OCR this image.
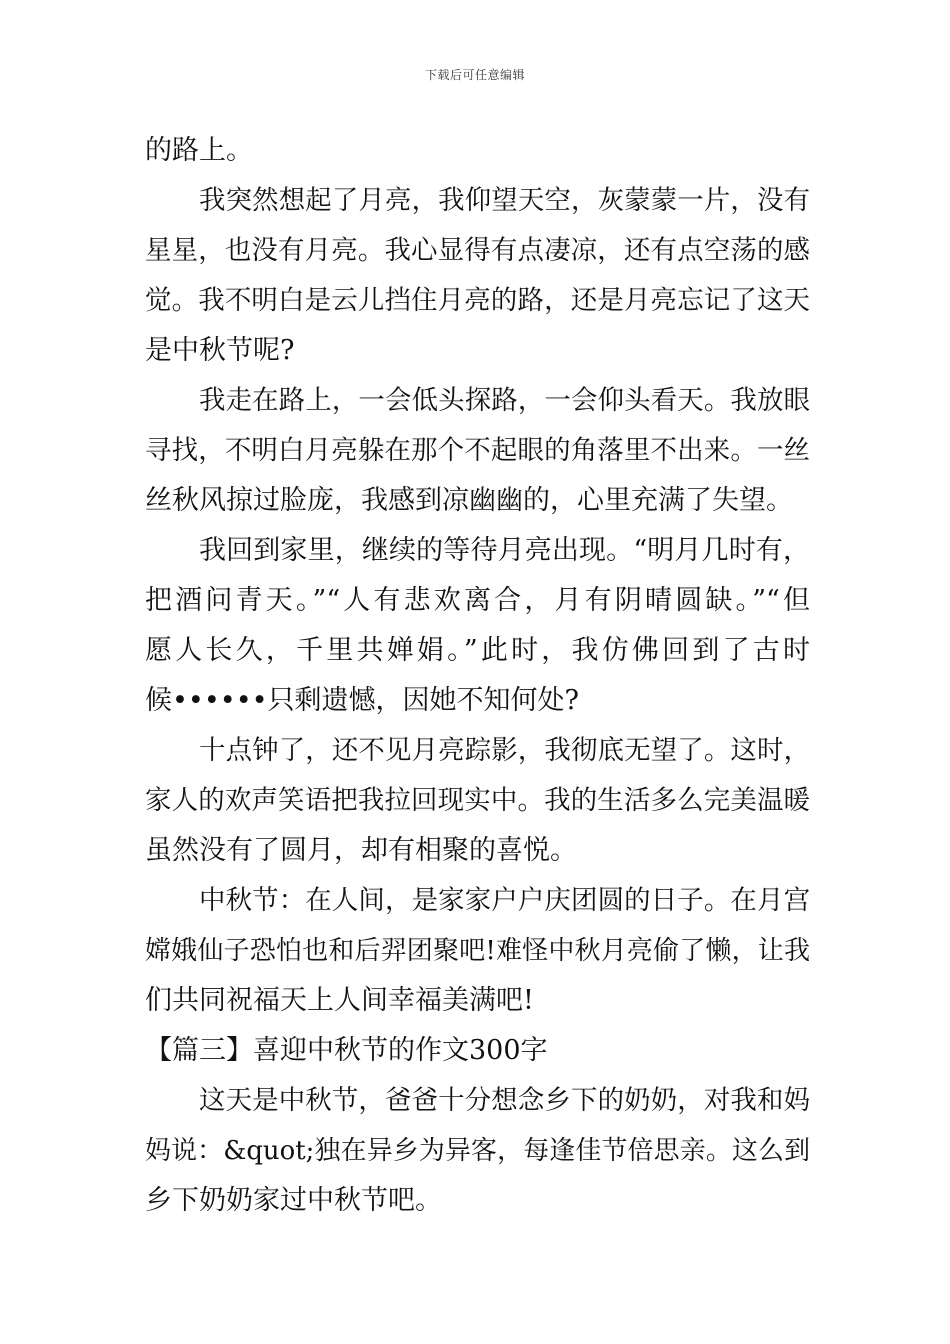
下载后可任意编辑
的路上。
我突然想起了月亮，我仰望天空，灰蒙蒙一片，没有
星星，也没有月亮。我心显得有点凄凉，还有点空荡的感
觉。我不明白是云儿挡住月亮的路，还是月亮忘记了这天
是中秋节呢?
我走在路上，一会低头探路，一会仰头看天。我放眼
寻找，不明白月亮躲在那个不起眼的角落里不出来。一丝
丝秋风掠过脸庞，我感到凉幽幽的，心里充满了失望。
我回到家里，继续的等待月亮出现。“明月几时有，
把酒问青天。”“人有悲欢离合，月有阴晴圆缺。”“但
愿人长久，千里共婵娟。”此时，我仿佛回到了古时
候••••••只剩遗憾，因她不知何处?
十点钟了，还不见月亮踪影，我彻底无望了。这时，
家人的欢声笑语把我拉回现实中。我的生活多么完美温暖
虽然没有了圆月，却有相聚的喜悦。
中秋节：在人间，是家家户户庆团圆的日子。在月宫
嫦娥仙子恐怕也和后羿团聚吧!难怪中秋月亮偷了懒，让我
们共同祝福天上人间幸福美满吧!
【篇三】喜迎中秋节的作文300字
这天是中秋节，爸爸十分想念乡下的奶奶，对我和妈
妈说：&quot;独在异乡为异客，每逢佳节倍思亲。这么到
乡下奶奶家过中秋节吧。
